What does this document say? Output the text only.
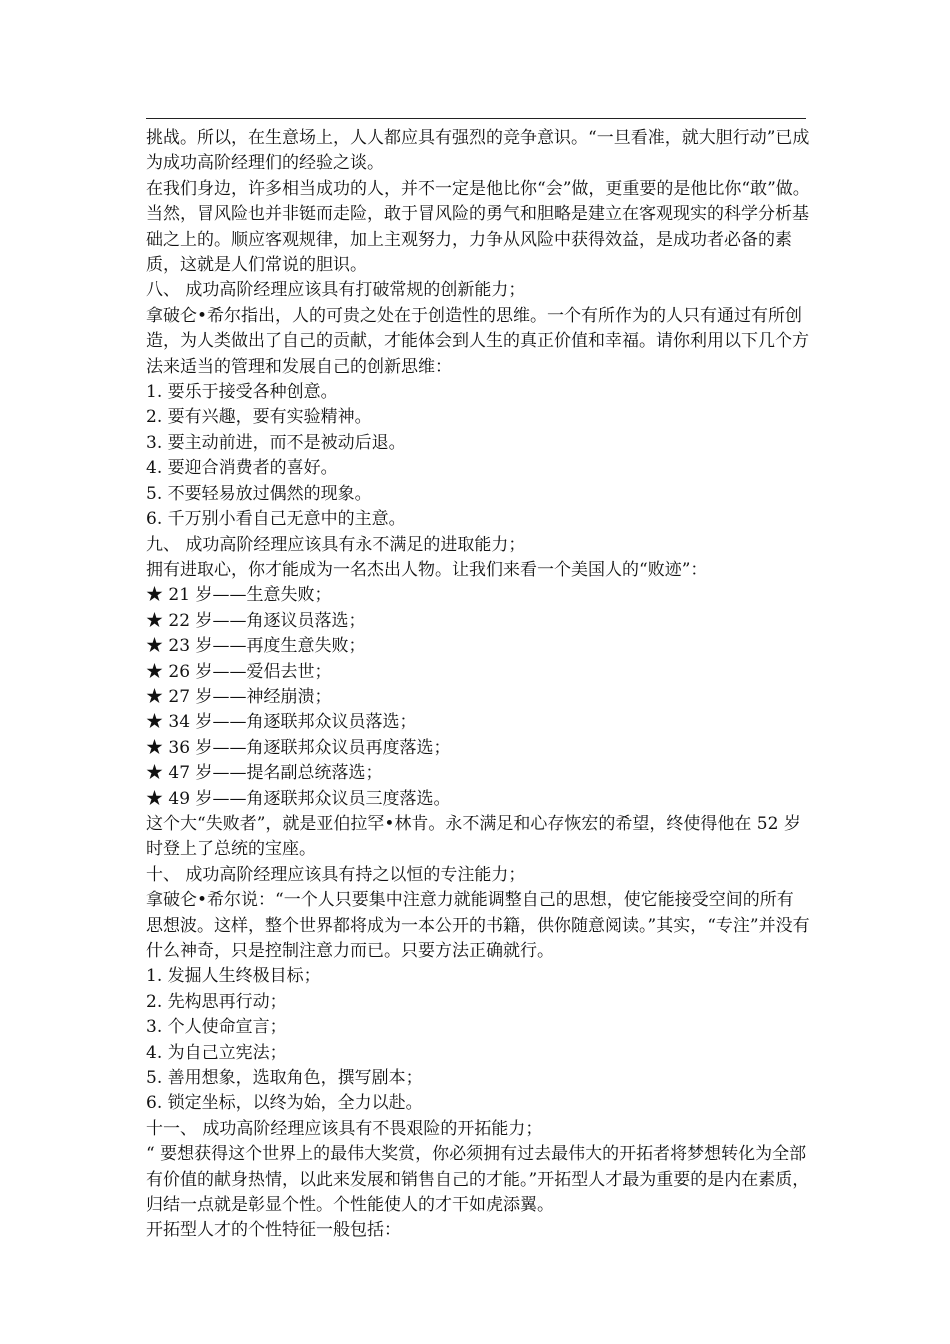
挑战。所以，在生意场上，人人都应具有强烈的竞争意识。“一旦看准，就大胆行动”已成为成功高阶经理们的经验之谈。

在我们身边，许多相当成功的人，并不一定是他比你“会”做，更重要的是他比你“敢”做。当然，冒风险也并非铤而走险，敢于冒风险的勇气和胆略是建立在客观现实的科学分析基础之上的。顺应客观规律，加上主观努力，力争从风险中获得效益，是成功者必备的素质，这就是人们常说的胆识。

八、 成功高阶经理应该具有打破常规的创新能力；

拿破仑•希尔指出，人的可贵之处在于创造性的思维。一个有所作为的人只有通过有所创造，为人类做出了自己的贡献，才能体会到人生的真正价值和幸福。请你利用以下几个方法来适当的管理和发展自己的创新思维：

1. 要乐于接受各种创意。

2. 要有兴趣，要有实验精神。

3. 要主动前进，而不是被动后退。

4. 要迎合消费者的喜好。

5. 不要轻易放过偶然的现象。

6. 千万别小看自己无意中的主意。

九、 成功高阶经理应该具有永不满足的进取能力；

拥有进取心，你才能成为一名杰出人物。让我们来看一个美国人的“败迹”：

★ 21 岁——生意失败；

★ 22 岁——角逐议员落选；

★ 23 岁——再度生意失败；

★ 26 岁——爱侣去世；

★ 27 岁——神经崩溃；

★ 34 岁——角逐联邦众议员落选；

★ 36 岁——角逐联邦众议员再度落选；

★ 47 岁——提名副总统落选；

★ 49 岁——角逐联邦众议员三度落选。

这个大“失败者”，就是亚伯拉罕•林肯。永不满足和心存恢宏的希望，终使得他在 52 岁时登上了总统的宝座。

十、 成功高阶经理应该具有持之以恒的专注能力；

拿破仑•希尔说：“一个人只要集中注意力就能调整自己的思想，使它能接受空间的所有思想波。这样，整个世界都将成为一本公开的书籍，供你随意阅读。”其实，“专注”并没有什么神奇，只是控制注意力而已。只要方法正确就行。

1. 发掘人生终极目标；

2. 先构思再行动；

3. 个人使命宣言；

4. 为自己立宪法；

5. 善用想象，选取角色，撰写剧本；

6. 锁定坐标，以终为始，全力以赴。

十一、 成功高阶经理应该具有不畏艰险的开拓能力；

“ 要想获得这个世界上的最伟大奖赏，你必须拥有过去最伟大的开拓者将梦想转化为全部有价值的献身热情，以此来发展和销售自己的才能。”开拓型人才最为重要的是内在素质，归结一点就是彰显个性。个性能使人的才干如虎添翼。

开拓型人才的个性特征一般包括：
